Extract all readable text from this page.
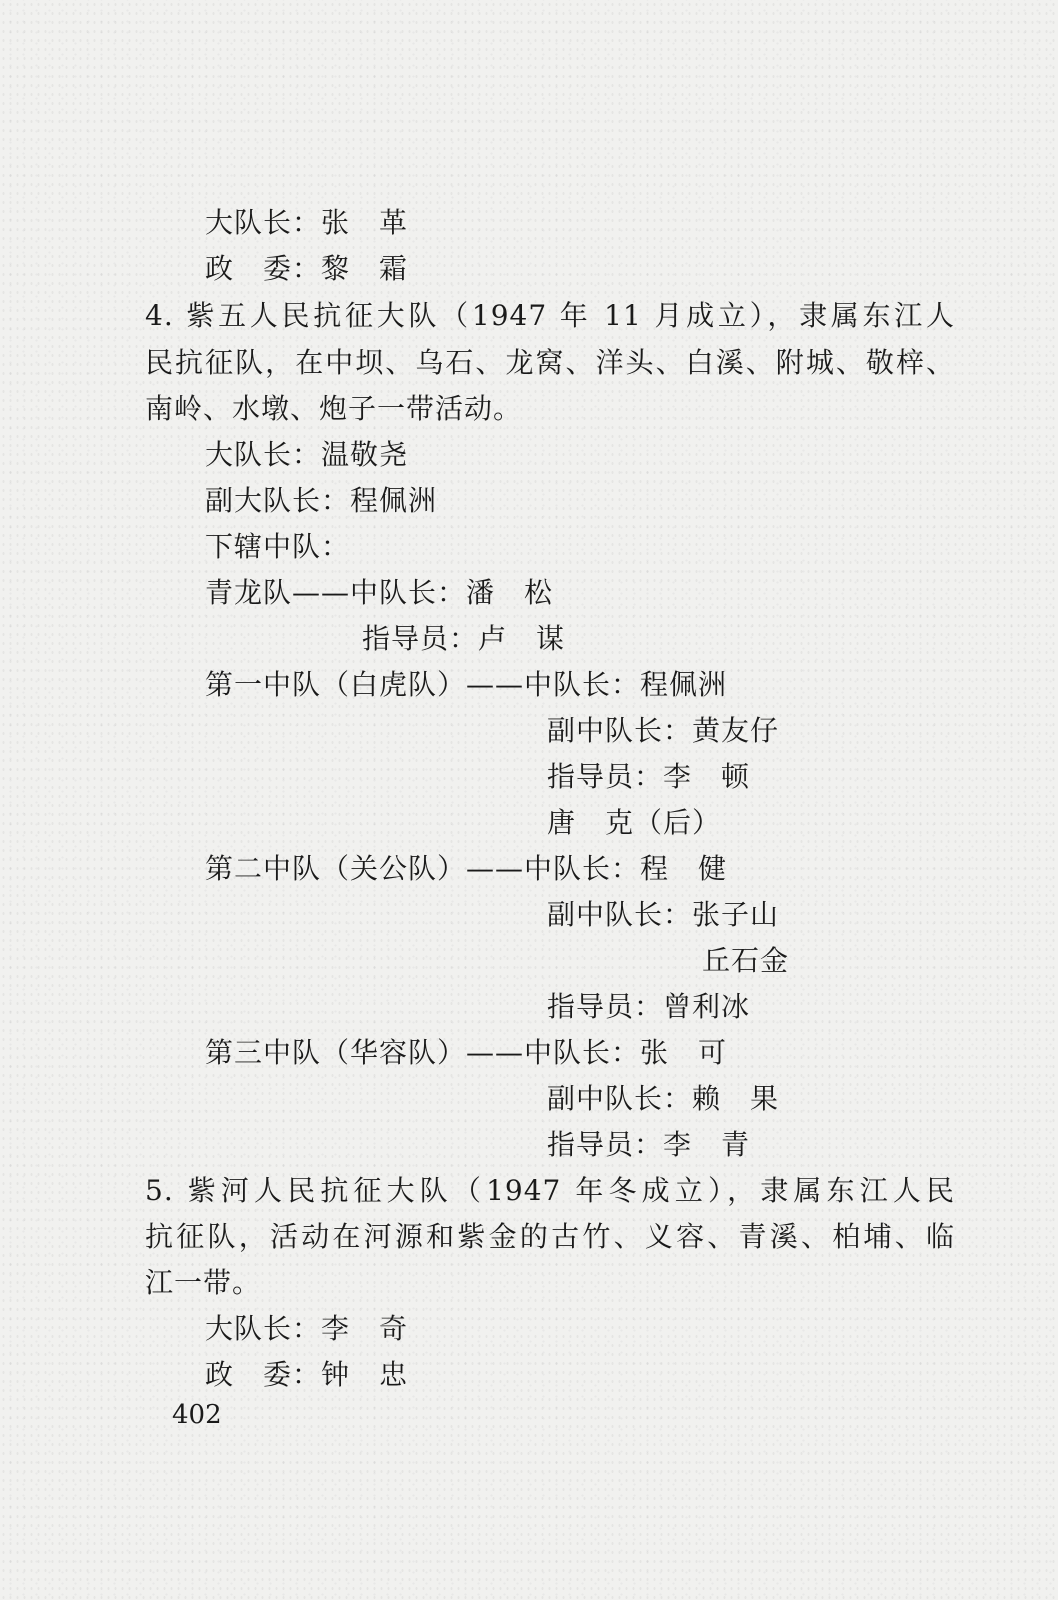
大队长：张　革
政　委：黎　霜
4. 紫五人民抗征大队（1947 年 11 月成立），隶属东江人
民抗征队，在中坝、乌石、龙窝、洋头、白溪、附城、敬梓、
南岭、水墩、炮子一带活动。
大队长：温敬尧
副大队长：程佩洲
下辖中队：
青龙队——中队长：潘　松
指导员：卢　谋
第一中队（白虎队）——中队长：程佩洲
副中队长：黄友仔
指导员：李　顿
唐　克（后）
第二中队（关公队）——中队长：程　健
副中队长：张子山
丘石金
指导员：曾利冰
第三中队（华容队）——中队长：张　可
副中队长：赖　果
指导员：李　青
5. 紫河人民抗征大队（1947 年冬成立），隶属东江人民
抗征队，活动在河源和紫金的古竹、义容、青溪、柏埔、临
江一带。
大队长：李　奇
政　委：钟　忠
402
